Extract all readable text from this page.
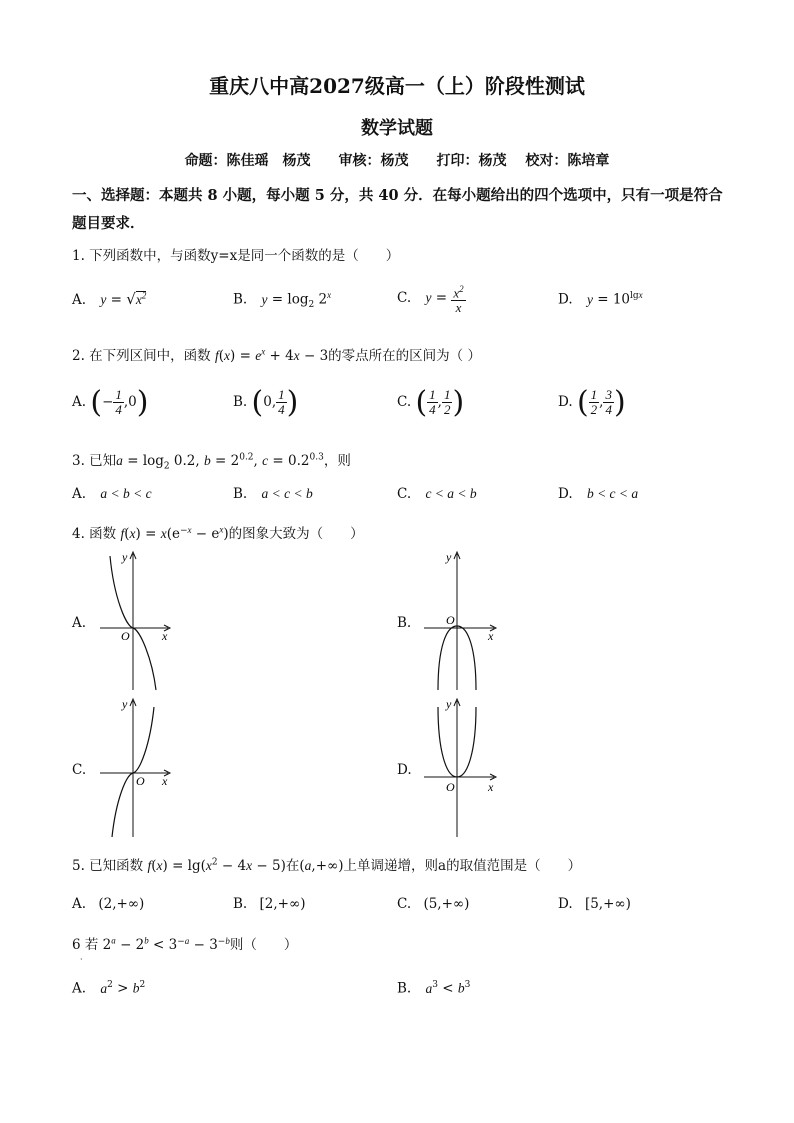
重庆八中高2027级高一（上）阶段性测试
数学试题
命题：陈佳瑶　杨茂　　审核：杨茂　　打印：杨茂　 校对：陈培章
一、选择题：本题共 8 小题，每小题 5 分，共 40 分．在每小题给出的四个选项中，只有一项是符合题目要求．
1. 下列函数中，与函数y=x是同一个函数的是（　　）
A. $y = √x^2$	B. $y = \log_2 2^x$	C. $y = \frac{x^2}{x}$	D. $y = 10^{lgx}$
2. 在下列区间中，函数 $f(x) = e^x + 4x - 3$的零点所在的区间为（ ）
A. (− $\frac{1}{4} ,0$)	B. (0, $\frac{1}{4}$ )	C. ( $\frac{1}{4}$ , $\frac{1}{2}$ )	D. ( $\frac{1}{2}$ , $\frac{3}{4}$ )
3. 已知$a = \log_2 0.2$, $b = 2^{0.2}$, $c = 0.2^{0.3}$，则
A. a < b < c	B. a < c < b	C. c < a < b	D. b < c < a
4. 函数 $f(x) = x(e^{-x} - e^x)$的图象大致为（　　）
A.	B.
C.	D.
y
x
O
y
x
O
y
x
O
y
x
O
5. 已知函数 $f(x) = \lg(x^2 - 4x - 5)$在(a,+∞)上单调递增，则a的取值范围是（　　）
A. (2,+∞)	B. [2,+∞)	C. (5,+∞)	D. [5,+∞)
6 若 $2^a - 2^b < 3^{-a} - 3^{-b}$则（　　）
·
A. $a^2 > b^2$	B. $a^3 < b^3$
